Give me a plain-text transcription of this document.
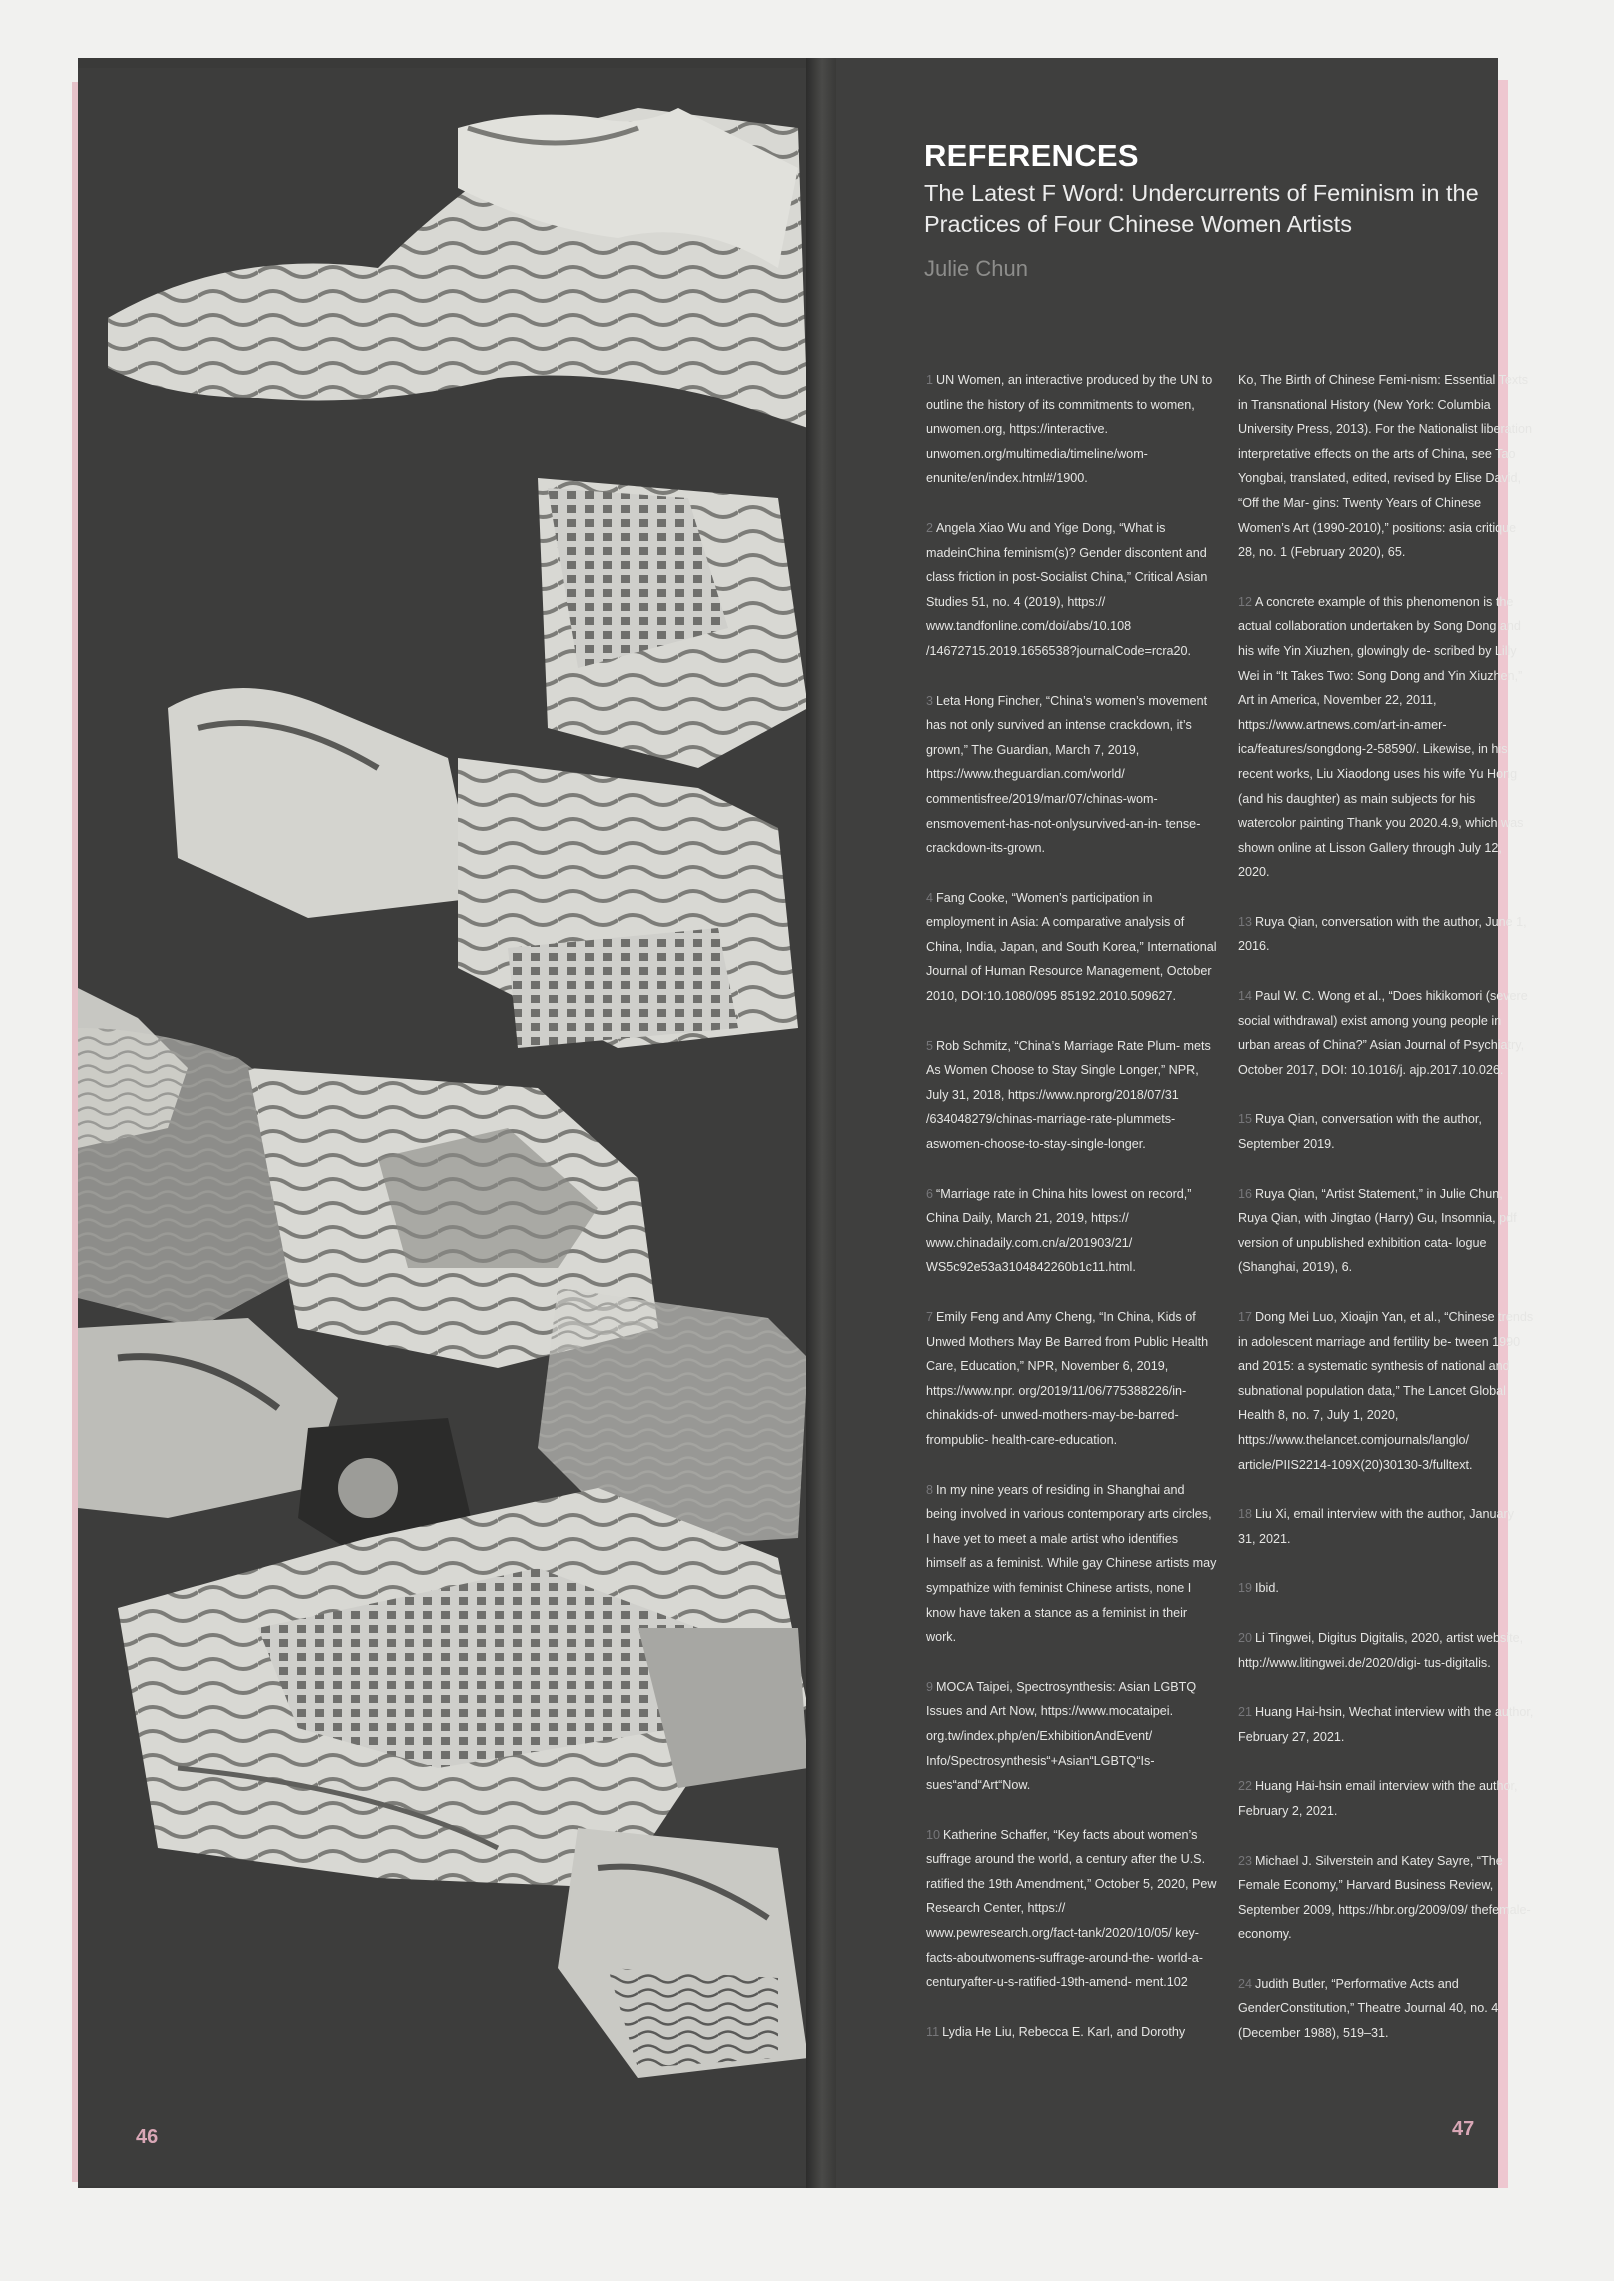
46
REFERENCES

The Latest F Word: Undercurrents of Feminism in the Practices of Four Chinese Women Artists

Julie Chun

1 UN Women, an interactive produced by the UN to outline the history of its commitments to women, unwomen.org, https://interactive. unwomen.org/multimedia/timeline/wom- enunite/en/index.html#/1900.

2 Angela Xiao Wu and Yige Dong, “What is madeinChina feminism(s)? Gender discontent and class friction in post-Socialist China,” Critical Asian Studies 51, no. 4 (2019), https:// www.tandfonline.com/doi/abs/10.108 /14672715.2019.1656538?journalCode=rcra20.

3 Leta Hong Fincher, “China’s women’s movement has not only survived an intense crackdown, it’s grown,” The Guardian, March 7, 2019, https://www.theguardian.com/world/ commentisfree/2019/mar/07/chinas-wom- ensmovement-has-not-onlysurvived-an-in- tense-crackdown-its-grown.

4 Fang Cooke, “Women’s participation in employment in Asia: A comparative analysis of China, India, Japan, and South Korea,” International Journal of Human Resource Management, October 2010, DOI:10.1080/095 85192.2010.509627.

5 Rob Schmitz, “China’s Marriage Rate Plum- mets As Women Choose to Stay Single Longer,” NPR, July 31, 2018, https://www.nprorg/2018/07/31 /634048279/chinas-marriage-rate-plummets- aswomen-choose-to-stay-single-longer.

6 “Marriage rate in China hits lowest on record,” China Daily, March 21, 2019, https:// www.chinadaily.com.cn/a/201903/21/ WS5c92e53a3104842260b1c11.html.

7 Emily Feng and Amy Cheng, “In China, Kids of Unwed Mothers May Be Barred from Public Health Care, Education,” NPR, November 6, 2019, https://www.npr. org/2019/11/06/775388226/in-chinakids-of- unwed-mothers-may-be-barred-frompublic- health-care-education.

8 In my nine years of residing in Shanghai and being involved in various contemporary arts circles, I have yet to meet a male artist who identifies himself as a feminist. While gay Chinese artists may sympathize with feminist Chinese artists, none I know have taken a stance as a feminist in their work.

9 MOCA Taipei, Spectrosynthesis: Asian LGBTQ Issues and Art Now, https://www.mocataipei. org.tw/index.php/en/ExhibitionAndEvent/ Info/Spectrosynthesis“+Asian“LGBTQ“Is- sues“and“Art“Now.

10 Katherine Schaffer, “Key facts about women’s suffrage around the world, a century after the U.S. ratified the 19th Amendment,” October 5, 2020, Pew Research Center, https:// www.pewresearch.org/fact-tank/2020/10/05/ key-facts-aboutwomens-suffrage-around-the- world-a-centuryafter-u-s-ratified-19th-amend- ment.102

11 Lydia He Liu, Rebecca E. Karl, and Dorothy

Ko, The Birth of Chinese Femi-nism: Essential Texts in Transnational History (New York: Columbia University Press, 2013). For the Nationalist liberation interpretative effects on the arts of China, see Tao Yongbai, translated, edited, revised by Elise David, “Off the Mar- gins: Twenty Years of Chinese Women’s Art (1990-2010),” positions: asia critique 28, no. 1 (February 2020), 65.

12 A concrete example of this phenomenon is the actual collaboration undertaken by Song Dong and his wife Yin Xiuzhen, glowingly de- scribed by Lilly Wei in “It Takes Two: Song Dong and Yin Xiuzhen,” Art in America, November 22, 2011, https://www.artnews.com/art-in-amer- ica/features/songdong-2-58590/. Likewise, in his recent works, Liu Xiaodong uses his wife Yu Hong (and his daughter) as main subjects for his watercolor painting Thank you 2020.4.9, which was shown online at Lisson Gallery through July 12, 2020.

13 Ruya Qian, conversation with the author, June 1, 2016.

14 Paul W. C. Wong et al., “Does hikikomori (severe social withdrawal) exist among young people in urban areas of China?” Asian Journal of Psychiatry, October 2017, DOI: 10.1016/j. ajp.2017.10.026.

15 Ruya Qian, conversation with the author, September 2019.

16 Ruya Qian, “Artist Statement,” in Julie Chun, Ruya Qian, with Jingtao (Harry) Gu, Insomnia, pdf version of unpublished exhibition cata- logue (Shanghai, 2019), 6.

17 Dong Mei Luo, Xioajin Yan, et al., “Chinese trends in adolescent marriage and fertility be- tween 1990 and 2015: a systematic synthesis of national and subnational population data,” The Lancet Global Health 8, no. 7, July 1, 2020, https://www.thelancet.comjournals/langlo/ article/PIIS2214-109X(20)30130-3/fulltext.

18 Liu Xi, email interview with the author, January 31, 2021.

19 Ibid.

20 Li Tingwei, Digitus Digitalis, 2020, artist website, http://www.litingwei.de/2020/digi- tus-digitalis.

21 Huang Hai-hsin, Wechat interview with the author, February 27, 2021.

22 Huang Hai-hsin email interview with the author, February 2, 2021.

23 Michael J. Silverstein and Katey Sayre, “The Female Economy,” Harvard Business Review, September 2009, https://hbr.org/2009/09/ thefemale- economy.

24 Judith Butler, “Performative Acts and GenderConstitution,” Theatre Journal 40, no. 4 (December 1988), 519–31.

47
